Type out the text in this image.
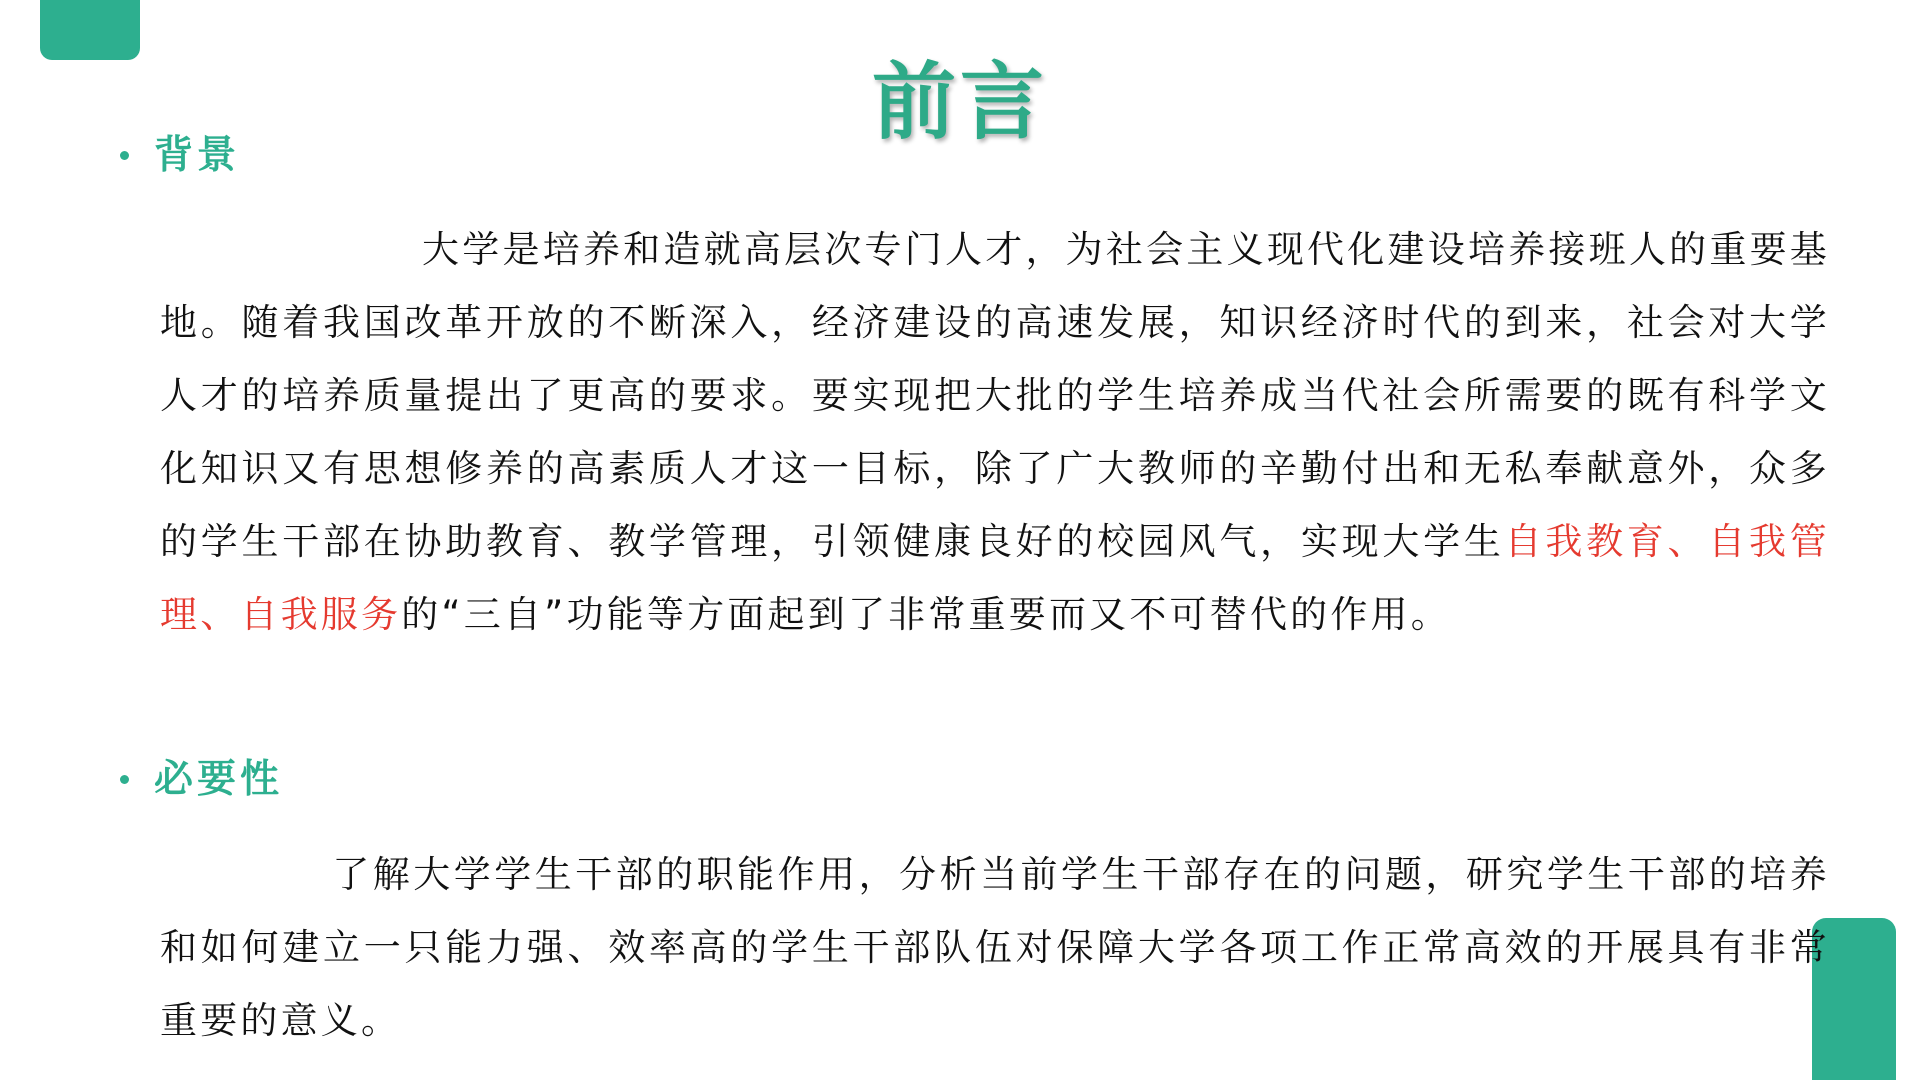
前言
背景
大学是培养和造就高层次专门人才，为社会主义现代化建设培养接班人的重要基地。随着我国改革开放的不断深入，经济建设的高速发展，知识经济时代的到来，社会对大学人才的培养质量提出了更高的要求。要实现把大批的学生培养成当代社会所需要的既有科学文化知识又有思想修养的高素质人才这一目标，除了广大教师的辛勤付出和无私奉献意外，众多的学生干部在协助教育、教学管理，引领健康良好的校园风气，实现大学生自我教育、自我管理、自我服务的“三自”功能等方面起到了非常重要而又不可替代的作用。
必要性
了解大学学生干部的职能作用，分析当前学生干部存在的问题，研究学生干部的培养和如何建立一只能力强、效率高的学生干部队伍对保障大学各项工作正常高效的开展具有非常重要的意义。
